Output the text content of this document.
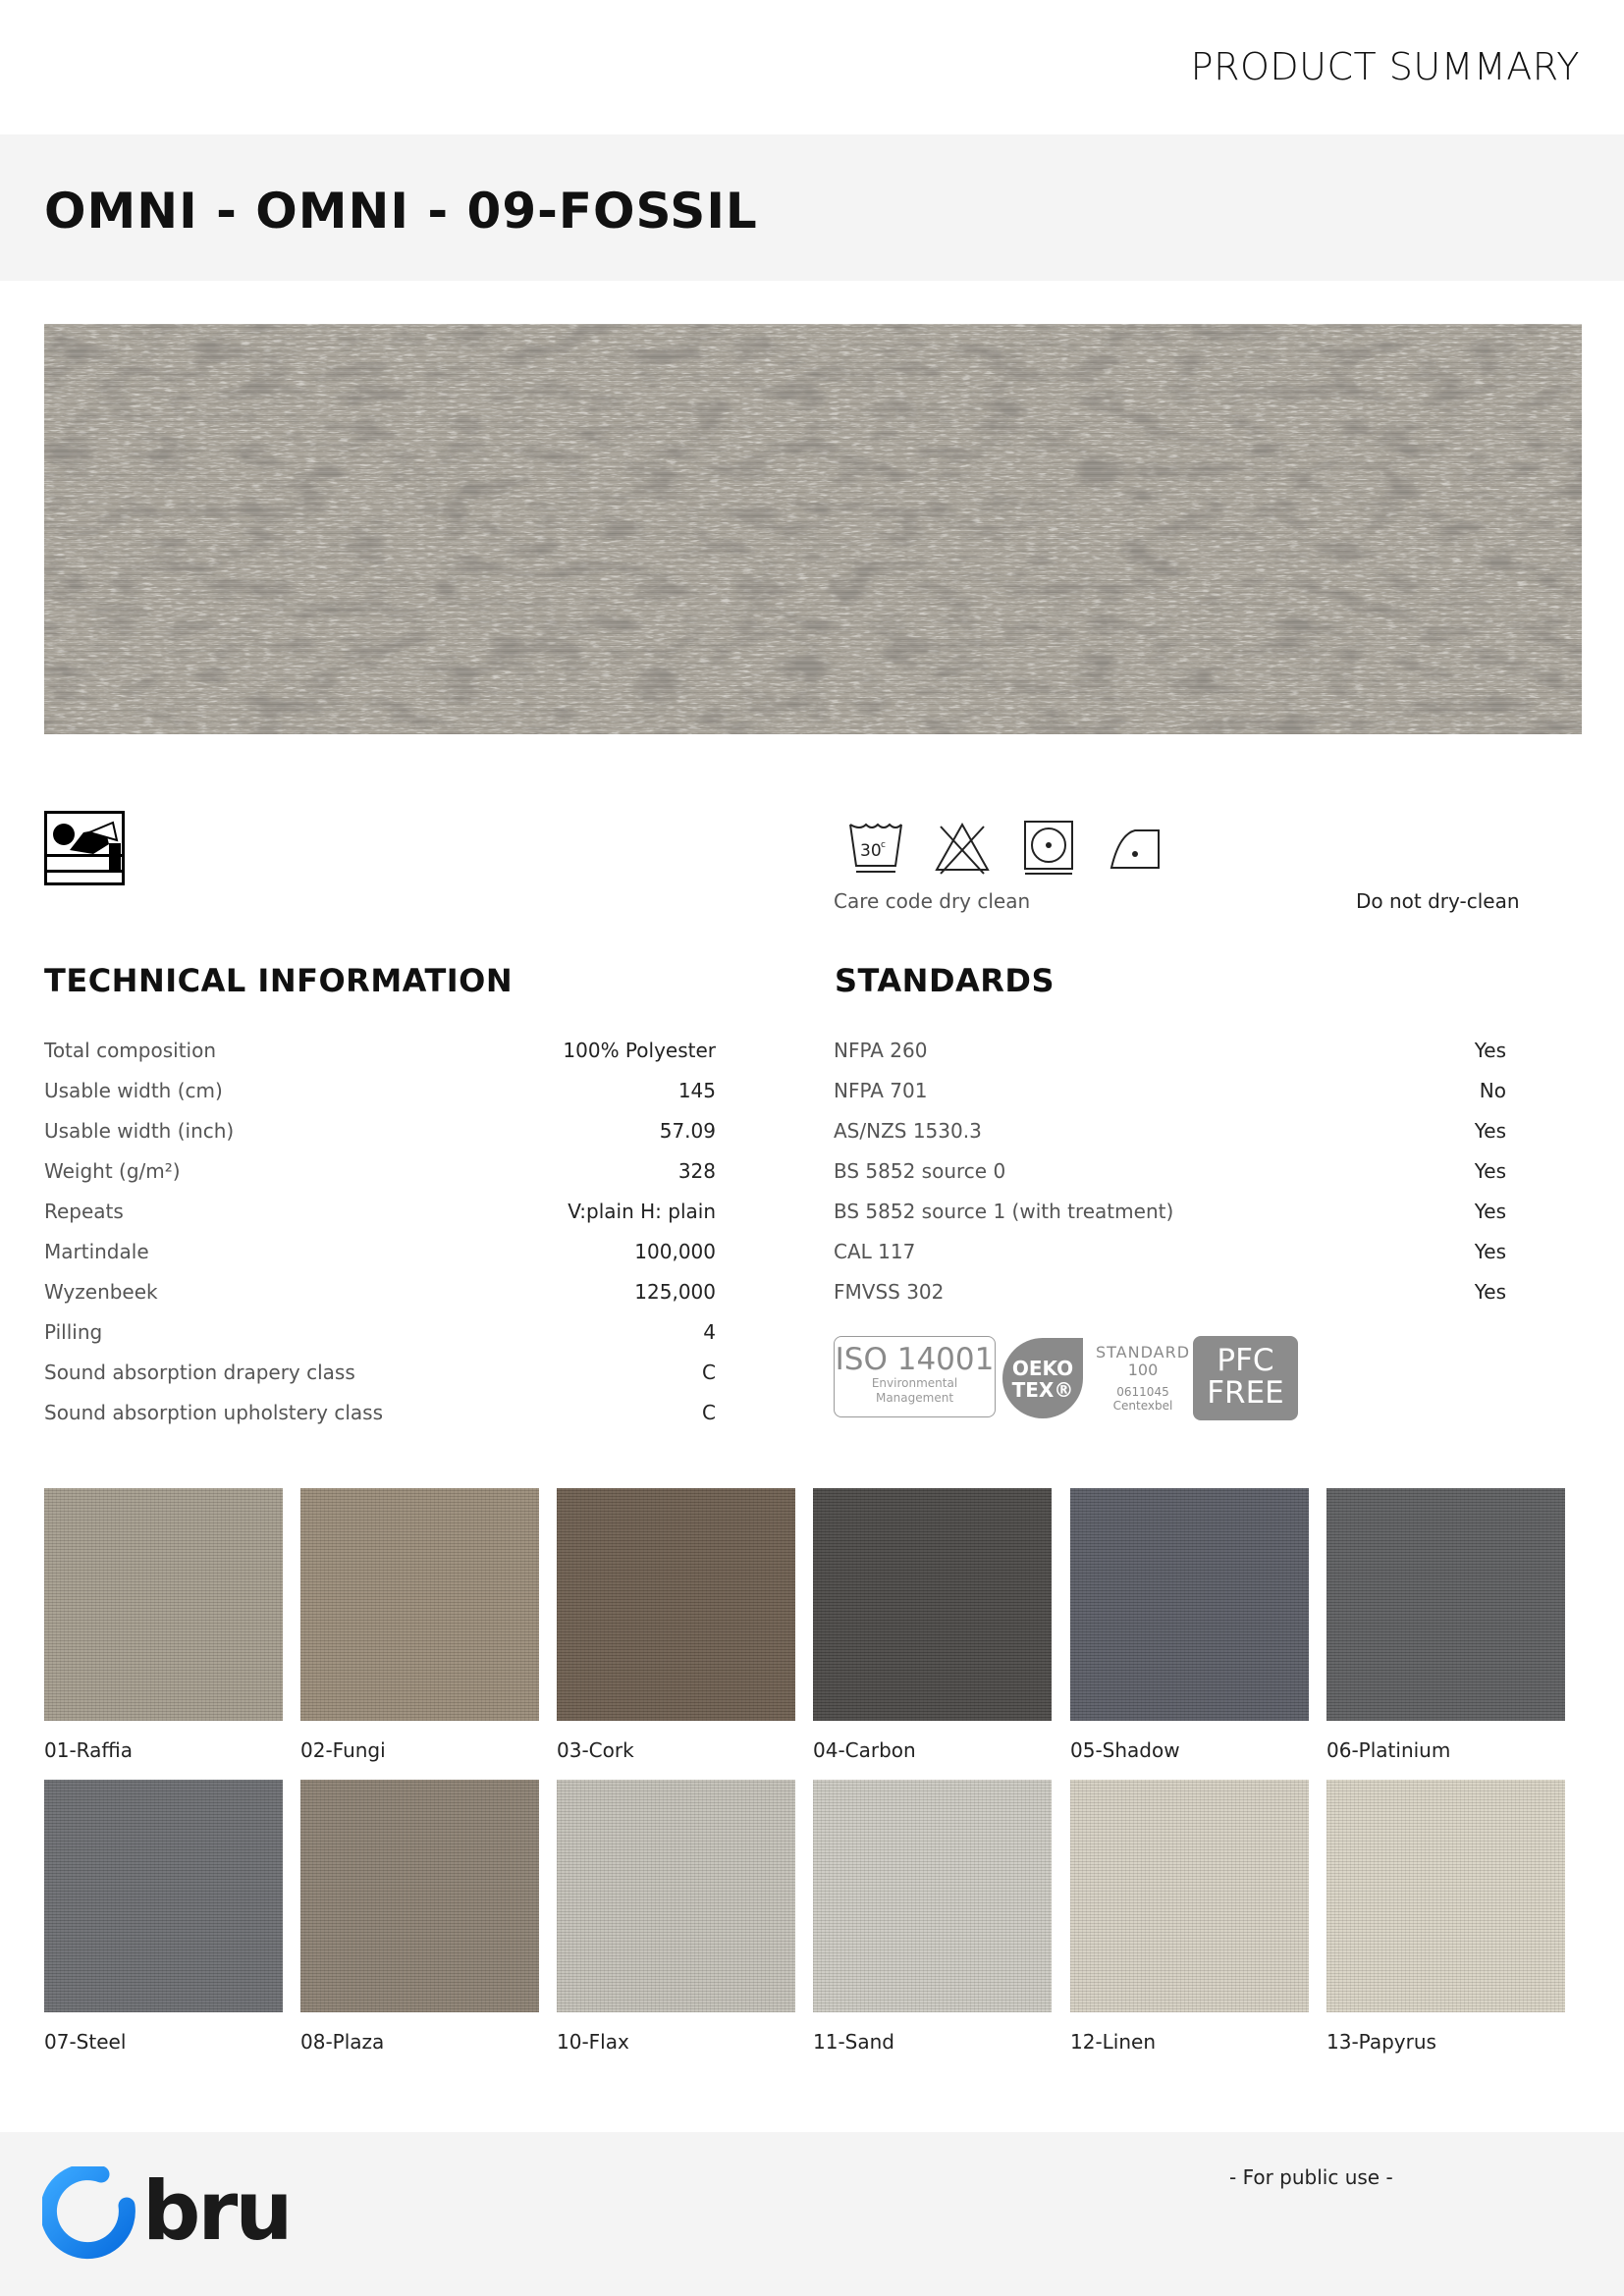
PRODUCT SUMMARY
OMNI - OMNI - 09-FOSSIL
30 c
Care code dry clean	Do not dry-clean
TECHNICAL INFORMATION
Total composition	100% Polyester
Usable width (cm)	145
Usable width (inch)	57.09
Weight (g/m²)	328
Repeats	V:plain H: plain
Martindale	100,000
Wyzenbeek	125,000
Pilling	4
Sound absorption drapery class	C
Sound absorption upholstery class	C
STANDARDS
NFPA 260	Yes
NFPA 701	No
AS/NZS 1530.3	Yes
BS 5852 source 0	Yes
BS 5852 source 1 (with treatment)	Yes
CAL 117	Yes
FMVSS 302	Yes
ISO 14001
Environmental
Management
OEKO
TEX®
STANDARD
100
0611045
Centexbel
PFC
FREE
01-Raffia	02-Fungi	03-Cork	04-Carbon	05-Shadow	06-Platinium
07-Steel	08-Plaza	10-Flax	11-Sand	12-Linen	13-Papyrus
- For public use -
bru
